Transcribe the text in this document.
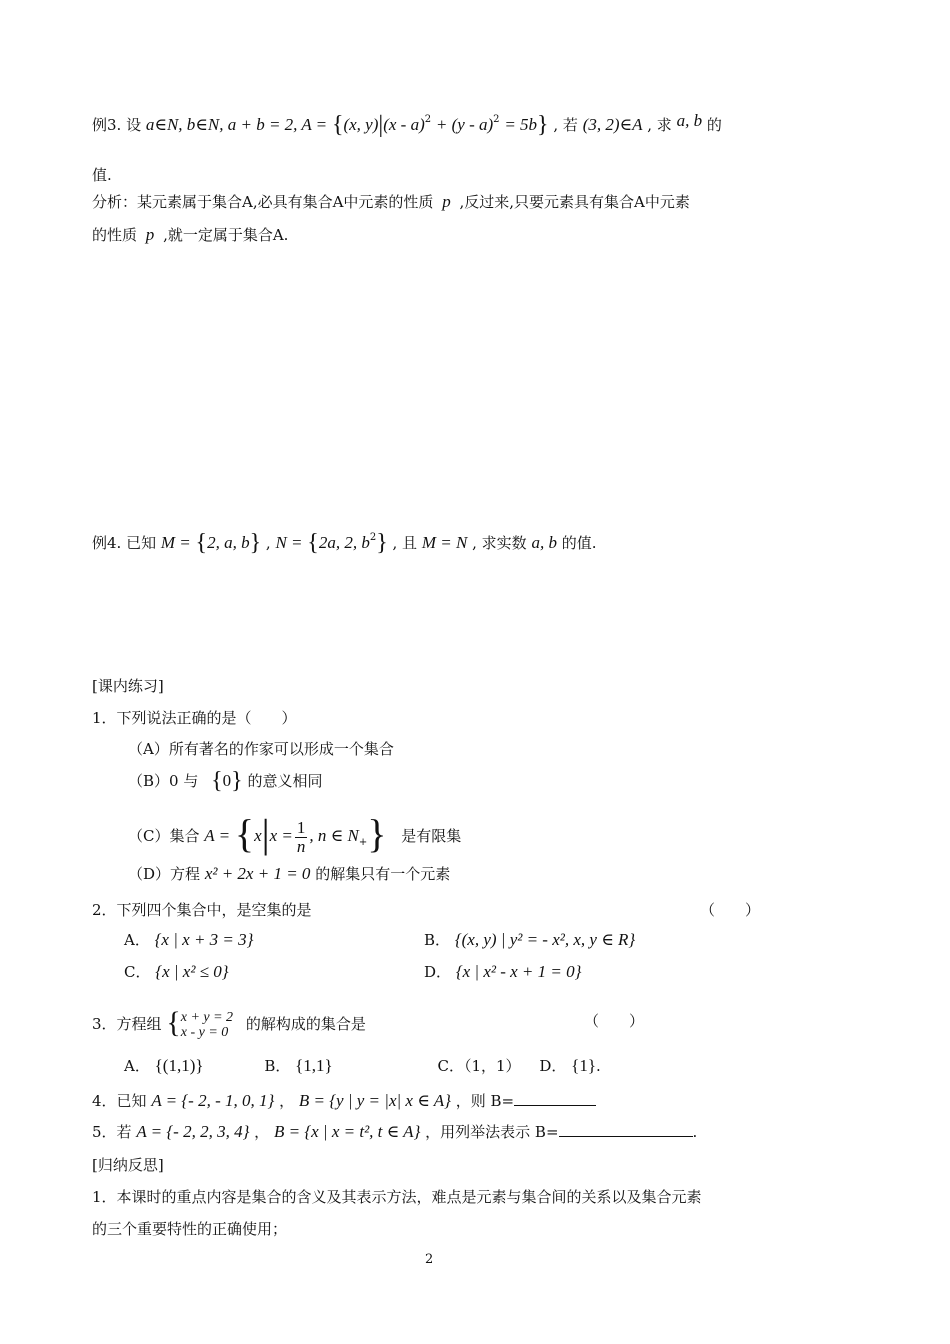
例3. 设 a∈N, b∈N, a + b = 2, A = {(x, y)|(x - a)$^2$ + (y - a)$^2$ = 5b} , 若 (3, 2)∈A , 求 a, b 的
值.
分析：某元素属于集合A,必具有集合A中元素的性质 p ,反过来,只要元素具有集合A中元素
的性质 p ,就一定属于集合A.
例4. 已知 M = {2, a, b} , N = {2a, 2, $b^2$} , 且 M = N , 求实数 a, b 的值.
[课内练习]
1．下列说法正确的是（　　）
（A）所有著名的作家可以形成一个集合
（B）0 与 {0} 的意义相同
（C）集合 $A = \{x|x = \frac{1}{n}$ , n ∈ $N_+$} 是有限集
（D）方程 x² + 2x + 1 = 0 的解集只有一个元素
2．下列四个集合中，是空集的是	（　　）
A． {x | x + 3 = 3}	B． {(x, y) | y² = - x², x, y ∈ R}
C． {x | x² ≤ 0}	D． {x | x² - x + 1 = 0}
3．方程组 { x + y = 2
x - y = 0	的解构成的集合是	（　　）
A． {(1,1)}	B． {1,1}	C．（1，1） D． {1}.
4．已知 A = {- 2, - 1, 0, 1} ， B = {y | y = |x| x ∈ A} ，则 B=
5．若 A = {- 2, 2, 3, 4} ， B = {x | x = t², t ∈ A} ，用列举法表示 B=	.
[归纳反思]
1．本课时的重点内容是集合的含义及其表示方法，难点是元素与集合间的关系以及集合元素
的三个重要特性的正确使用；
2
